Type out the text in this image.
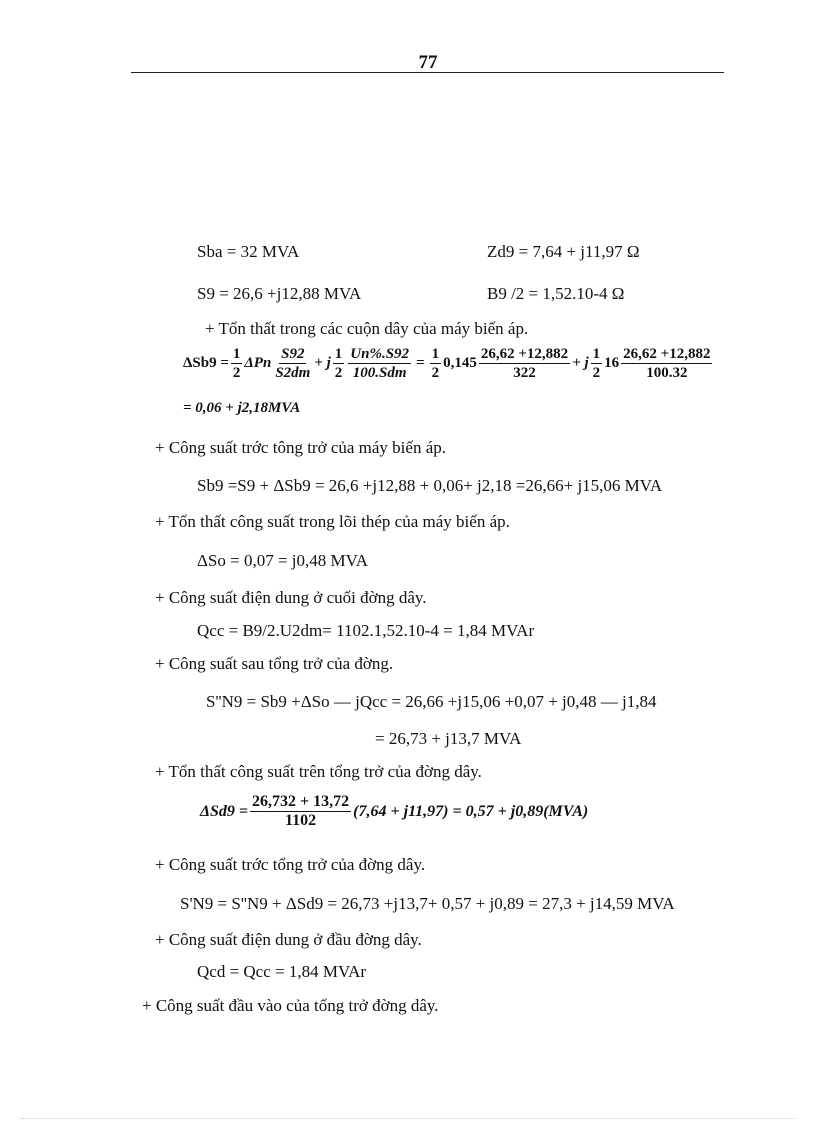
77
Sba = 32 MVA	Zd9 = 7,64 + j11,97 Ω
S9 = 26,6 +j12,88 MVA	B9 /2 = 1,52.10-4 Ω
+ Tổn thất trong các cuộn dây của máy biến áp.
$\Delta Sb9 = \frac{1}{2}$ ΔPn $\frac{S92}{S2dm} + j \frac{1}{2} \frac{Un\%.S92}{\text{100.Sdm}} = \frac{1}{2} 0,145 \frac{26,62 +12,882}{322} + j \frac{1}{2} 16 \frac{26,62 +12,882}{100.32}$
= 0,06 + j2,18MVA
+ Công suất trớc tông trở của máy biến áp.
Sb9 =S9 + ΔSb9 = 26,6 +j12,88 + 0,06+ j2,18 =26,66+ j15,06 MVA
+ Tổn thất công suất trong lõi thép của máy biến áp.
ΔSo = 0,07 = j0,48 MVA
+ Công suất điện dung ở cuối đờng dây.
Qcc = B9/2.U2dm= 1102.1,52.10-4 = 1,84 MVAr
+ Công suất sau tổng trở của đờng.
S''N9 = Sb9 +ΔSo — jQcc = 26,66 +j15,06 +0,07 + j0,48 — j1,84
= 26,73 + j13,7 MVA
+ Tổn thất công suất trên tổng trở của đờng dây.
$\Delta Sd9 = \frac{26,732 + 13,72}{1102} (7,64 + j11,97) = 0,57 + j0,89(MVA)$
+ Công suất trớc tổng trở của đờng dây.
S'N9 = S''N9 + ΔSd9 = 26,73 +j13,7+ 0,57 + j0,89 = 27,3 + j14,59 MVA
+ Công suất điện dung ở đầu đờng dây.
Qcd = Qcc = 1,84 MVAr
+ Công suất đầu vào của tổng trở đờng dây.
